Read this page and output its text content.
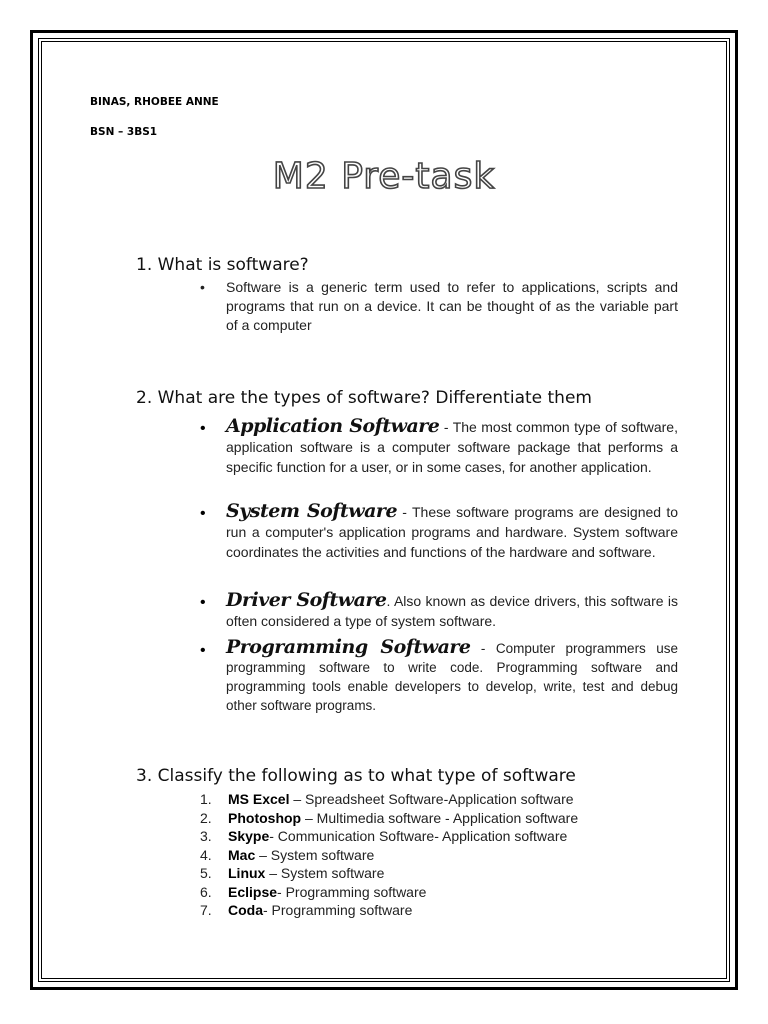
BINAS, RHOBEE ANNE
BSN – 3BS1
M2 Pre-task
1. What is software?
• Software is a generic term used to refer to applications, scripts and programs that run on a device. It can be thought of as the variable part of a computer
2. What are the types of software? Differentiate them
• Application Software - The most common type of software, application software is a computer software package that performs a specific function for a user, or in some cases, for another application.
• System Software - These software programs are designed to run a computer's application programs and hardware. System software coordinates the activities and functions of the hardware and software.
• Driver Software. Also known as device drivers, this software is often considered a type of system software.
• Programming Software - Computer programmers use programming software to write code. Programming software and programming tools enable developers to develop, write, test and debug other software programs.
3. Classify the following as to what type of software
1. MS Excel – Spreadsheet Software-Application software
2. Photoshop – Multimedia software - Application software
3. Skype- Communication Software- Application software
4. Mac – System software
5. Linux – System software
6. Eclipse- Programming software
7. Coda- Programming software
